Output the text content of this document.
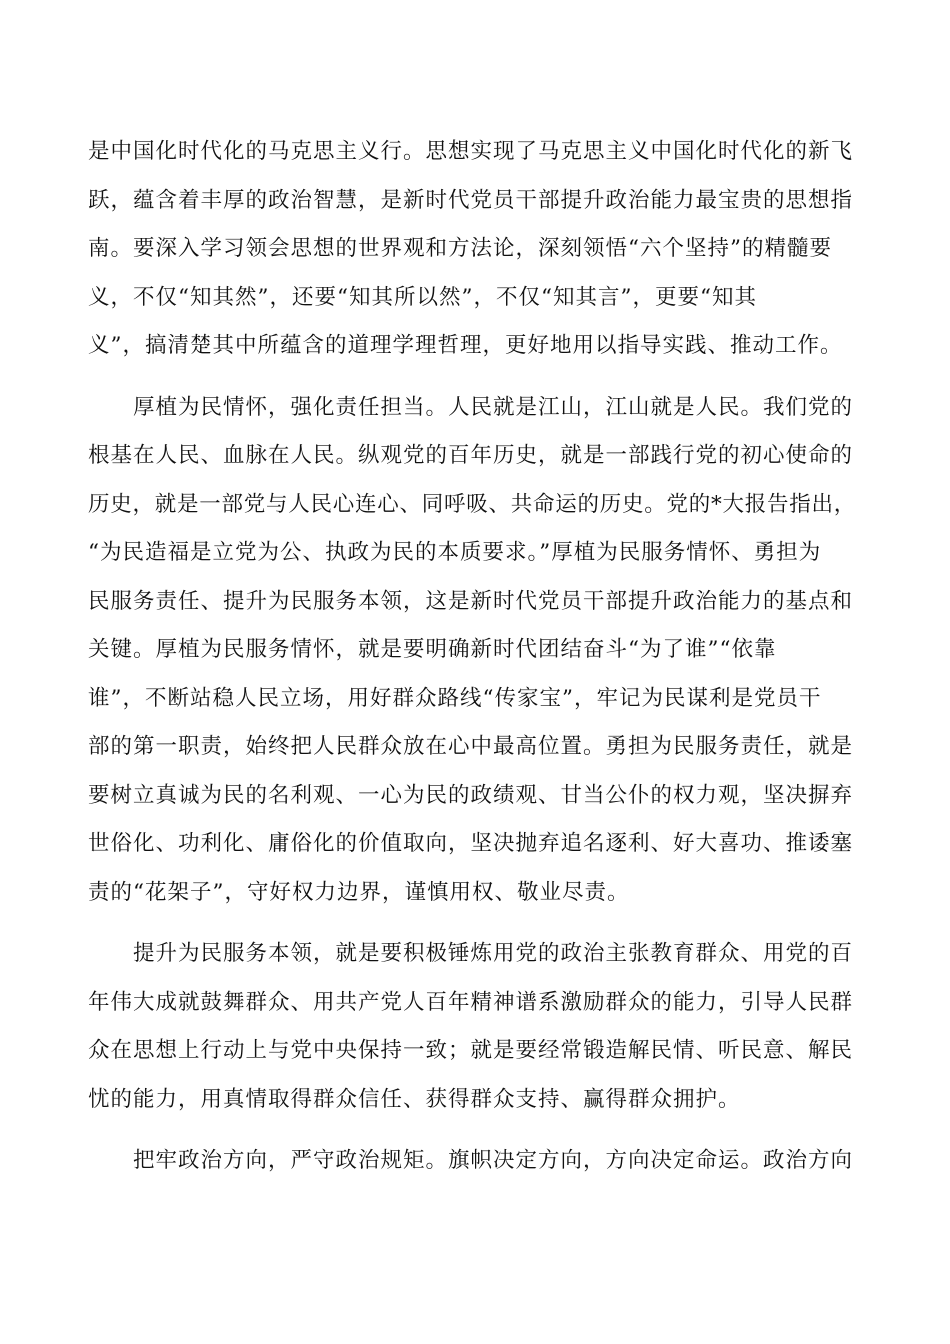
是中国化时代化的马克思主义行。思想实现了马克思主义中国化时代化的新飞
跃，蕴含着丰厚的政治智慧，是新时代党员干部提升政治能力最宝贵的思想指
南。要深入学习领会思想的世界观和方法论，深刻领悟“六个坚持”的精髓要
义，不仅“知其然”，还要“知其所以然”，不仅“知其言”，更要“知其
义”，搞清楚其中所蕴含的道理学理哲理，更好地用以指导实践、推动工作。
厚植为民情怀，强化责任担当。人民就是江山，江山就是人民。我们党的
根基在人民、血脉在人民。纵观党的百年历史，就是一部践行党的初心使命的
历史，就是一部党与人民心连心、同呼吸、共命运的历史。党的*大报告指出，
“为民造福是立党为公、执政为民的本质要求。”厚植为民服务情怀、勇担为
民服务责任、提升为民服务本领，这是新时代党员干部提升政治能力的基点和
关键。厚植为民服务情怀，就是要明确新时代团结奋斗“为了谁”“依靠
谁”，不断站稳人民立场，用好群众路线“传家宝”，牢记为民谋利是党员干
部的第一职责，始终把人民群众放在心中最高位置。勇担为民服务责任，就是
要树立真诚为民的名利观、一心为民的政绩观、甘当公仆的权力观，坚决摒弃
世俗化、功利化、庸俗化的价值取向，坚决抛弃追名逐利、好大喜功、推诿塞
责的“花架子”，守好权力边界，谨慎用权、敬业尽责。
提升为民服务本领，就是要积极锤炼用党的政治主张教育群众、用党的百
年伟大成就鼓舞群众、用共产党人百年精神谱系激励群众的能力，引导人民群
众在思想上行动上与党中央保持一致；就是要经常锻造解民情、听民意、解民
忧的能力，用真情取得群众信任、获得群众支持、赢得群众拥护。
把牢政治方向，严守政治规矩。旗帜决定方向，方向决定命运。政治方向
